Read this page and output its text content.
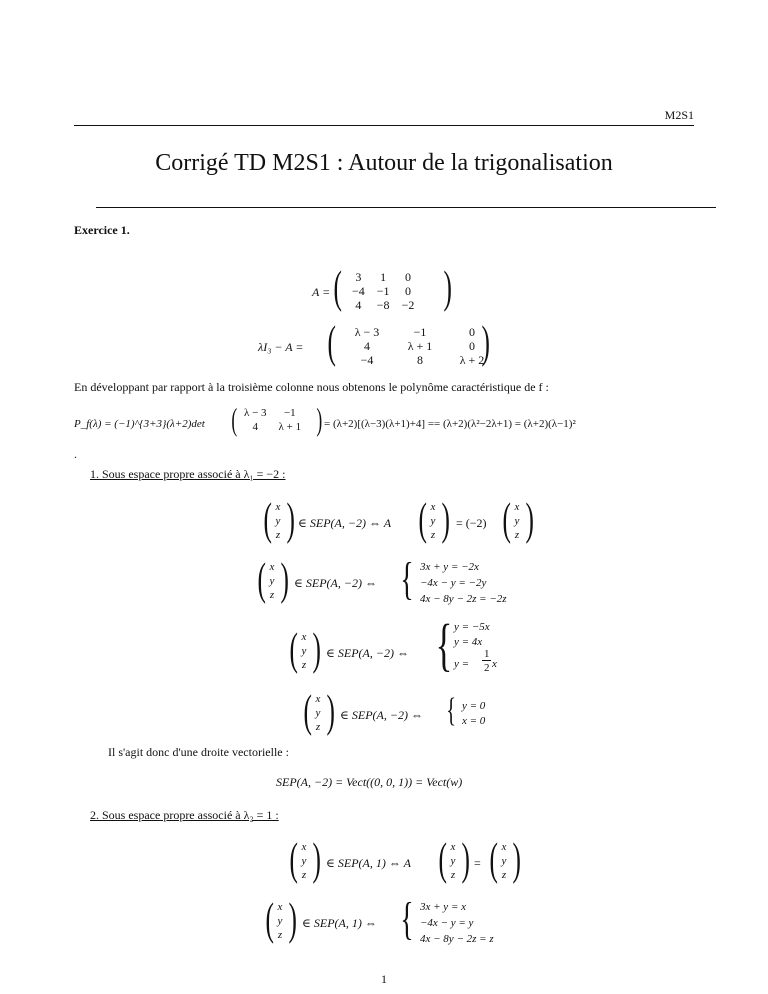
M2S1
Corrigé TD M2S1 : Autour de la trigonalisation
Exercice 1.
A = ( 3	1	0
−4	−1	0
4	−8	−2 )
λI₃ − A = ( λ − 3	−1	0
4	λ + 1	0
−4	8	λ + 2
)
En développant par rapport à la troisième colonne nous obtenons le polynôme caractéristique de f :
P_f(λ) = (−1)^{3+3}(λ+2)det ( λ − 3	−1
4	λ + 1 ) = (λ+2)[(λ−3)(λ+1)+4] == (λ+2)(λ²−2λ+1) = (λ+2)(λ−1)²
.
1. Sous espace propre associé à λ₁ = −2 :
( x
y
z ) ∈ SEP(A, −2) ⇔ A ( x
y
z ) = (−2) ( x
y
z )
( x
y
z ) ∈ SEP(A, −2) ⇔ { 3x + y = −2x
−4x − y = −2y
4x − 8y − 2z = −2z
( x
y
z ) ∈ SEP(A, −2) ⇔ { y = −5x
y = 4x
1
y = 2 x
( x
y
z ) ∈ SEP(A, −2) ⇔ { y = 0
x = 0
Il s'agit donc d'une droite vectorielle :
SEP(A, −2) = Vect((0, 0, 1)) = Vect(w)
2. Sous espace propre associé à λ₂ = 1 :
( x
y
z ) ∈ SEP(A, 1) ⇔ A ( x
y
z ) = ( x
y
z )
( x
y
z ) ∈ SEP(A, 1) ⇔ { 3x + y = x
−4x − y = y
4x − 8y − 2z = z
1
